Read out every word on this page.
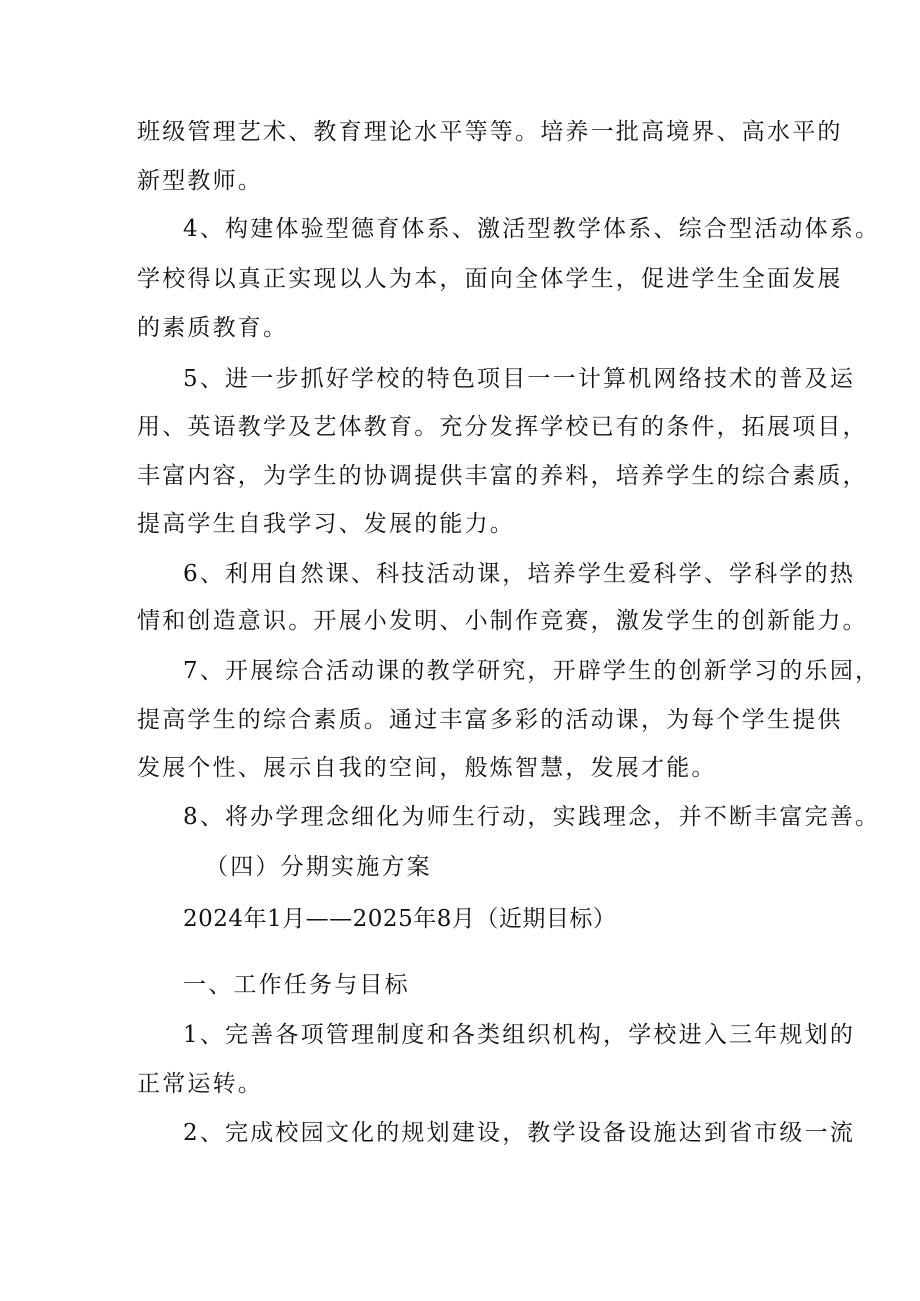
班级管理艺术、教育理论水平等等。培养一批高境界、高水平的
新型教师。
4、构建体验型德育体系、激活型教学体系、综合型活动体系。
学校得以真正实现以人为本，面向全体学生，促进学生全面发展
的素质教育。
5、进一步抓好学校的特色项目一一计算机网络技术的普及运
用、英语教学及艺体教育。充分发挥学校已有的条件，拓展项目，
丰富内容，为学生的协调提供丰富的养料，培养学生的综合素质，
提高学生自我学习、发展的能力。
6、利用自然课、科技活动课，培养学生爱科学、学科学的热
情和创造意识。开展小发明、小制作竞赛，激发学生的创新能力。
7、开展综合活动课的教学研究，开辟学生的创新学习的乐园，
提高学生的综合素质。通过丰富多彩的活动课，为每个学生提供
发展个性、展示自我的空间，般炼智慧，发展才能。
8、将办学理念细化为师生行动，实践理念，并不断丰富完善。
（四）分期实施方案
2024年1月——2025年8月（近期目标）
一、工作任务与目标
1、完善各项管理制度和各类组织机构，学校进入三年规划的
正常运转。
2、完成校园文化的规划建设，教学设备设施达到省市级一流
